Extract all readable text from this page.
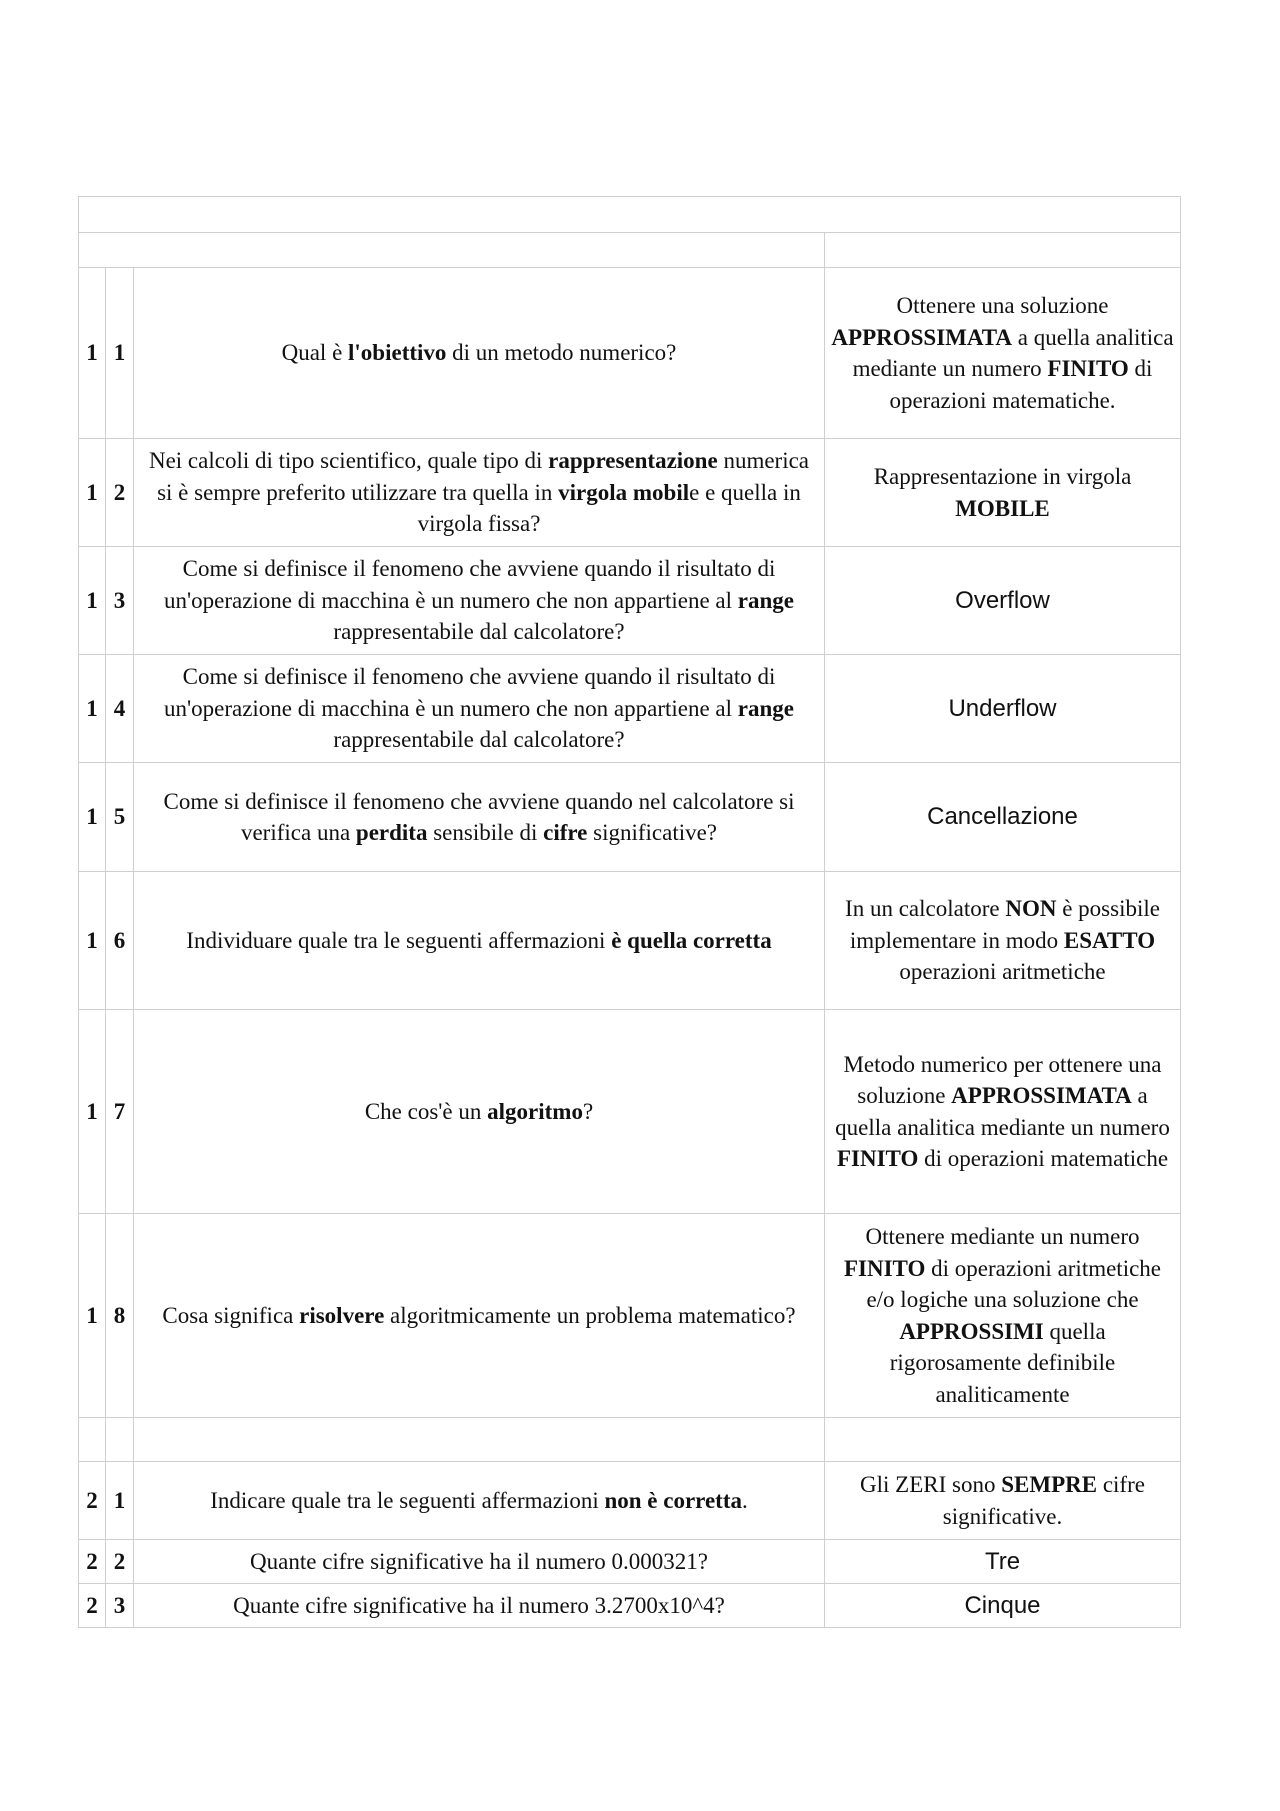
1	1	Qual è l'obiettivo di un metodo numerico?	Ottenere una soluzione APPROSSIMATA a quella analitica mediante un numero FINITO di operazioni matematiche.
1	2	Nei calcoli di tipo scientifico, quale tipo di rappresentazione numerica si è sempre preferito utilizzare tra quella in virgola mobile e quella in virgola fissa?	Rappresentazione in virgola MOBILE
1	3	Come si definisce il fenomeno che avviene quando il risultato di un'operazione di macchina è un numero che non appartiene al range rappresentabile dal calcolatore?	Overflow
1	4	Come si definisce il fenomeno che avviene quando il risultato di un'operazione di macchina è un numero che non appartiene al range rappresentabile dal calcolatore?	Underflow
1	5	Come si definisce il fenomeno che avviene quando nel calcolatore si verifica una perdita sensibile di cifre significative?	Cancellazione
1	6	Individuare quale tra le seguenti affermazioni è quella corretta	In un calcolatore NON è possibile implementare in modo ESATTO operazioni aritmetiche
1	7	Che cos'è un algoritmo?	Metodo numerico per ottenere una soluzione APPROSSIMATA a quella analitica mediante un numero FINITO di operazioni matematiche
1	8	Cosa significa risolvere algoritmicamente un problema matematico?	Ottenere mediante un numero FINITO di operazioni aritmetiche e/o logiche una soluzione che APPROSSIMI quella rigorosamente definibile analiticamente

2	1	Indicare quale tra le seguenti affermazioni non è corretta.	Gli ZERI sono SEMPRE cifre significative.
2	2	Quante cifre significative ha il numero 0.000321?	Tre
2	3	Quante cifre significative ha il numero 3.2700x10^4?	Cinque
